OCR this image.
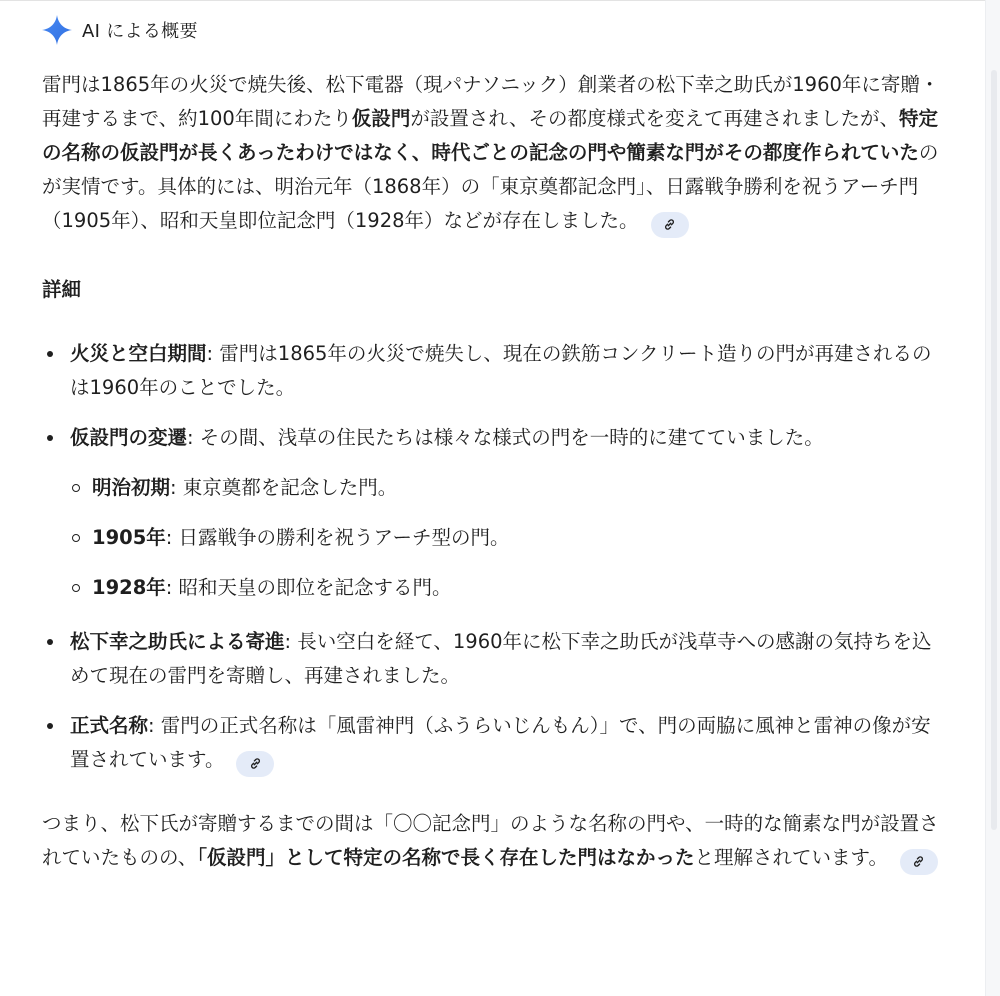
AI による概要

雷門は1865年の火災で焼失後、松下電器（現パナソニック）創業者の松下幸之助氏が1960年に寄贈・再建するまで、約100年間にわたり仮設門が設置され、その都度様式を変えて再建されましたが、特定の名称の仮設門が長くあったわけではなく、時代ごとの記念の門や簡素な門がその都度作られていたのが実情です。具体的には、明治元年（1868年）の「東京奠都記念門」、日露戦争勝利を祝うアーチ門（1905年）、昭和天皇即位記念門（1928年）などが存在しました。

詳細

火災と空白期間: 雷門は1865年の火災で焼失し、現在の鉄筋コンクリート造りの門が再建されるのは1960年のことでした。
仮設門の変遷: その間、浅草の住民たちは様々な様式の門を一時的に建てていました。
明治初期: 東京奠都を記念した門。
1905年: 日露戦争の勝利を祝うアーチ型の門。
1928年: 昭和天皇の即位を記念する門。
松下幸之助氏による寄進: 長い空白を経て、1960年に松下幸之助氏が浅草寺への感謝の気持ちを込めて現在の雷門を寄贈し、再建されました。
正式名称: 雷門の正式名称は「風雷神門（ふうらいじんもん）」で、門の両脇に風神と雷神の像が安置されています。

つまり、松下氏が寄贈するまでの間は「〇〇記念門」のような名称の門や、一時的な簡素な門が設置されていたものの、「仮設門」として特定の名称で長く存在した門はなかったと理解されています。
